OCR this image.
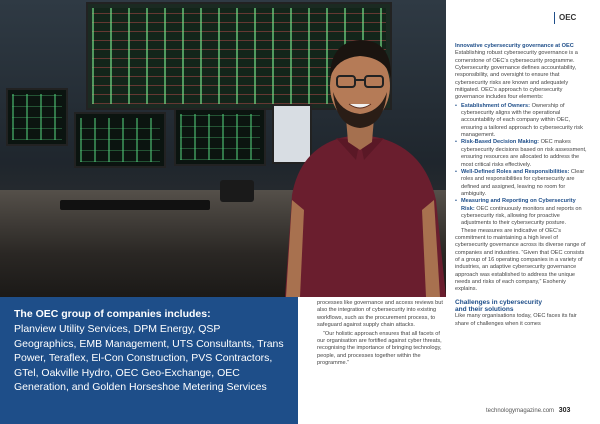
OEC
The OEC group of companies includes:

Planview Utility Services, DPM Energy, QSP Geographics, EMB Management, UTS Consultants, Trans Power, Teraflex, El-Con Construction, PVS Contractors, GTel, Oakville Hydro, OEC Geo-Exchange, OEC Generation, and Golden Horseshoe Metering Services

processes like governance and access reviews but also the integration of cybersecurity into existing workflows, such as the procurement process, to safeguard against supply chain attacks.

“Our holistic approach ensures that all facets of our organisation are fortified against cyber threats, recognising the importance of bringing technology, people, and processes together within the programme.”

Innovative cybersecurity governance at OEC

Establishing robust cybersecurity governance is a cornerstone of OEC’s cybersecurity programme. Cybersecurity governance defines accountability, responsibility, and oversight to ensure that cybersecurity risks are known and adequately mitigated. OEC’s approach to cybersecurity governance includes four elements:

• Establishment of Owners: Ownership of cybersecurity aligns with the operational accountability of each company within OEC, ensuring a tailored approach to cybersecurity risk management.
• Risk-Based Decision Making: OEC makes cybersecurity decisions based on risk assessment, ensuring resources are allocated to address the most critical risks effectively.
• Well-Defined Roles and Responsibilities: Clear roles and responsibilities for cybersecurity are defined and assigned, leaving no room for ambiguity.
• Measuring and Reporting on Cybersecurity Risk: OEC continuously monitors and reports on cybersecurity risk, allowing for proactive adjustments to their cybersecurity posture.

These measures are indicative of OEC’s commitment to maintaining a high level of cybersecurity governance across its diverse range of companies and industries. “Given that OEC consists of a group of 16 operating companies in a variety of industries, an adaptive cybersecurity governance approach was established to address the unique needs and risks of each company,” Esoheniy explains.

Challenges in cybersecurity
and their solutions

Like many organisations today, OEC faces its fair share of challenges when it comes

technologymagazine.com 303
